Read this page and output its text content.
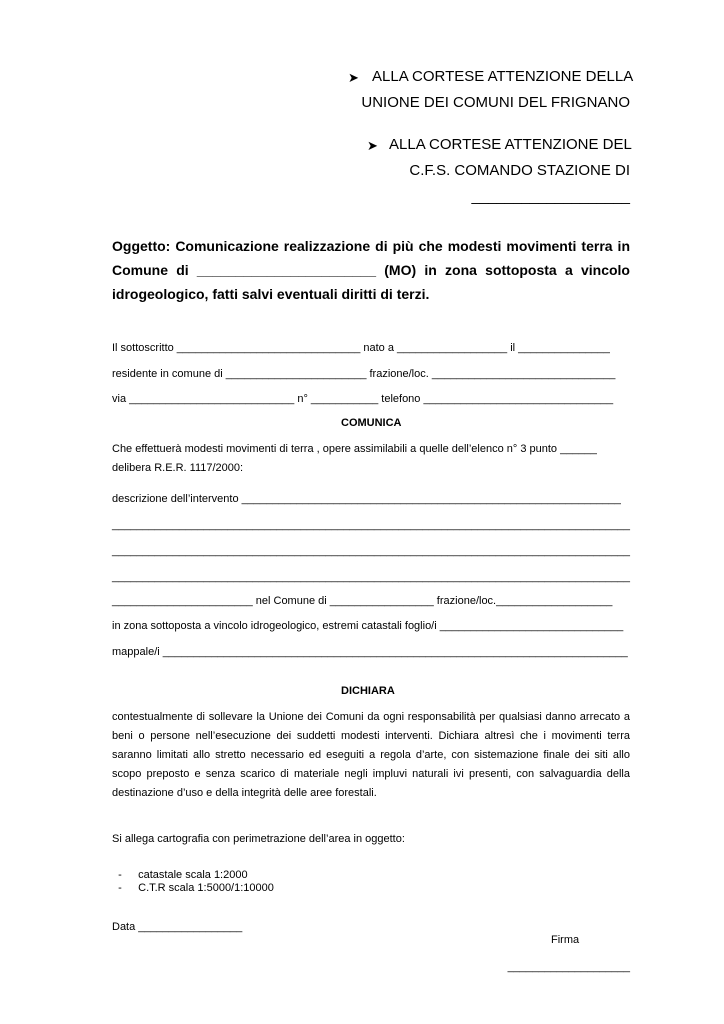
➤ ALLA CORTESE ATTENZIONE DELLA
UNIONE DEI COMUNI DEL FRIGNANO
➤ ALLA CORTESE ATTENZIONE DEL
C.F.S. COMANDO STAZIONE DI
___________________
Oggetto: Comunicazione realizzazione di più che modesti movimenti terra in
Comune di _______________________ (MO) in zona sottoposta a vincolo
idrogeologico, fatti salvi eventuali diritti di terzi.
Il sottoscritto ______________________________ nato a __________________ il _______________
residente in comune di _______________________ frazione/loc. ______________________________
via ___________________________ n° ___________ telefono _______________________________
COMUNICA
Che effettuerà modesti movimenti di terra , opere assimilabili a quelle dell’elenco n° 3 punto ______
delibera R.E.R. 1117/2000:
descrizione dell’intervento ______________________________________________________________
_____________________________________________________________________________________
_____________________________________________________________________________________
_____________________________________________________________________________________
_______________________ nel Comune di _________________ frazione/loc.___________________
in zona sottoposta a vincolo idrogeologico, estremi catastali foglio/i ______________________________
mappale/i ____________________________________________________________________________
DICHIARA
contestualmente di sollevare la Unione dei Comuni da ogni responsabilità per qualsiasi danno arrecato a beni o persone nell’esecuzione dei suddetti modesti interventi. Dichiara altresì che i movimenti terra saranno limitati allo stretto necessario ed eseguiti a regola d’arte, con sistemazione finale dei siti allo scopo preposto e senza scarico di materiale negli impluvi naturali ivi presenti, con salvaguardia della destinazione d’uso e della integrità delle aree forestali.
Si allega cartografia con perimetrazione dell’area in oggetto:

- catastale scala 1:2000

- C.T.R scala 1:5000/1:10000

Data _________________
Firma
____________________
